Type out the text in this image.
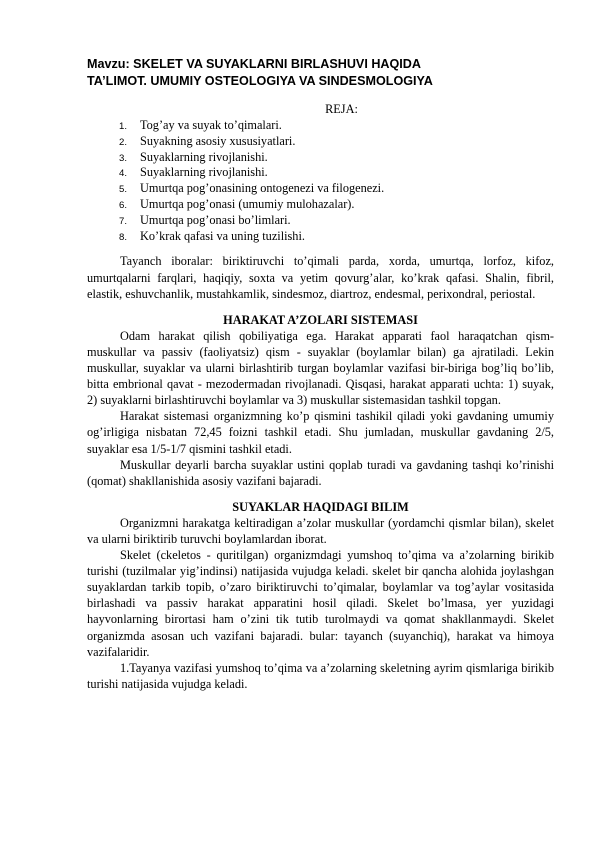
Mavzu: SKELET VA SUYAKLARNI BIRLASHUVI HAQIDA
TA’LIMOT. UMUMIY OSTEOLOGIYA VA SINDESMOLOGIYA
REJA:
1. Tog’ay va suyak to’qimalari.
2. Suyakning asosiy xususiyatlari.
3. Suyaklarning rivojlanishi.
4. Suyaklarning rivojlanishi.
5. Umurtqa pog’onasining ontogenezi va filogenezi.
6. Umurtqa pog’onasi (umumiy mulohazalar).
7. Umurtqa pog’onasi bo’limlari.
8. Ko’krak qafasi va uning tuzilishi.

Tayanch iboralar: biriktiruvchi to’qimali parda, xorda, umurtqa, lorfoz, kifoz, umurtqalarni farqlari, haqiqiy, soxta va yetim qovurg’alar, ko’krak qafasi. Shalin, fibril, elastik, eshuvchanlik, mustahkamlik, sindesmoz, diartroz, endesmal, perixondral, periostal.

HARAKAT A’ZOLARI SISTEMASI

Odam harakat qilish qobiliyatiga ega. Harakat apparati faol haraqatchan qism-muskullar va passiv (faoliyatsiz) qism - suyaklar (boylamlar bilan) ga ajratiladi. Lekin muskullar, suyaklar va ularni birlashtirib turgan boylamlar vazifasi bir-biriga bog’liq bo’lib, bitta embrional qavat - mezodermadan rivojlanadi. Qisqasi, harakat apparati uchta: 1) suyak, 2) suyaklarni birlashtiruvchi boylamlar va 3) muskullar sistemasidan tashkil topgan.

Harakat sistemasi organizmning ko’p qismini tashikil qiladi yoki gavdaning umumiy og’irligiga nisbatan 72,45 foizni tashkil etadi. Shu jumladan, muskullar gavdaning 2/5, suyaklar esa 1/5-1/7 qismini tashkil etadi.

Muskullar deyarli barcha suyaklar ustini qoplab turadi va gavdaning tashqi ko’rinishi (qomat) shakllanishida asosiy vazifani bajaradi.

SUYAKLAR HAQIDAGI BILIM

Organizmni harakatga keltiradigan a’zolar muskullar (yordamchi qismlar bilan), skelet va ularni biriktirib turuvchi boylamlardan iborat.

Skelet (ckeletos - quritilgan) organizmdagi yumshoq to’qima va a’zolarning birikib turishi (tuzilmalar yig’indinsi) natijasida vujudga keladi. skelet bir qancha alohida joylashgan suyaklardan tarkib topib, o’zaro biriktiruvchi to’qimalar, boylamlar va tog’aylar vositasida birlashadi va passiv harakat apparatini hosil qiladi. Skelet bo’lmasa, yer yuzidagi hayvonlarning birortasi ham o’zini tik tutib turolmaydi va qomat shakllanmaydi. Skelet organizmda asosan uch vazifani bajaradi. bular: tayanch (suyanchiq), harakat va himoya vazifalaridir.

1.Tayanya vazifasi yumshoq to’qima va a’zolarning skeletning ayrim qismlariga birikib turishi natijasida vujudga keladi.
